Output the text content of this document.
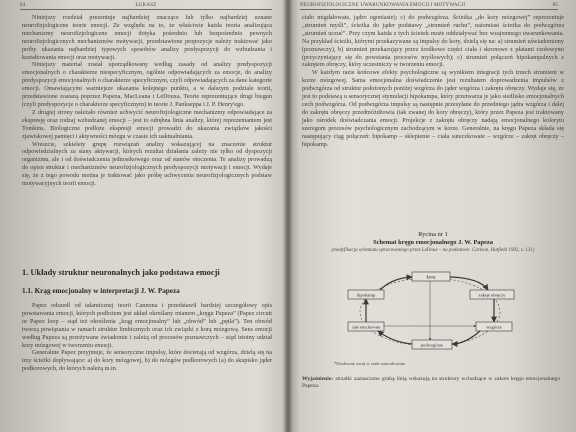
84	ŁUKASZ

Niniejszy rozdział prezentuje najbardziej znaczące lub tylko najbardziej uznane neurofizjologiczne teorie emocji. Ze względu na to, że właściwie każda teoria analizująca mechanizmy neurofizjologiczne emocji dotyka pośrednio lub bezpośrednio pewnych neurofizjologicznych mechanizmów motywacji, przedstawione propozycje należy traktować jako próby ukazania najbardziej typowych sposobów analizy predyspozycji do wzbudzania i kształtowania emocji oraz motywacji.

Niniejszy materiał został uporządkowany według zasady od analizy predyspozycji emocjonalnych o charakterze niespecyficznym, ogólnie odpowiadających za emocje, do analizy predyspozycji emocjonalnych o charakterze specyficznym, czyli odpowiadających za dane kategorie emocji. Omawiającymi ważniejsze ukazania kolejnego punktu, a w dalszym podziale teorii, przedstawione zostaną poprzez Papeza, MacLeana i LeDouxa. Teorie reprezentujące drugi biegun (czyli predyspozycje o charakterze specyficznym) to teorie J. Pankseppa i J. P. Henry'ego.

Z drugiej strony należało również uchwycić neurofizjologiczne mechanizmy odpowiadające za ekspresję oraz rodzaj wzbudzanej emocji – jest to odrębna linia analizy, której reprezentantem jest Tomkins. Biologiczne podłoże ekspresji emocji prowadzi do ukazania związków jakości zjawiskowej pamięci i aktywności mózgu w czasie ich uaktualniania.

Wreszcie, szkielety grupę rozwiązań analizy wskazującej na znaczenie struktur odpowiedzialnych za stany aktywacji, których rezultat działania zależy nie tylko od dyspozycji organizmu, ale i od doświadczenia jednostkowego oraz od stanów otoczenia. Te analizy prowadzą do opisu struktur i mechanizmów neurofizjologicznych predyspozycji motywacji i emocji. Wydaje się, że z tego powodu można je traktować jako próbę uchwycenia neurofizjologicznych podstaw motywacyjnych teorii emocji.

1. Układy struktur neuronalnych jako podstawa emocji
1.1. Krąg emocjonalny w interpretacji J. W. Papeza

Papez odszedł od talamicznej teorii Cannona i przedstawił bardziej szczegółowy opis powstawania emocji, których podłożem jest układ określany mianem „kręgu Papeza” (Papez circuit or Papez loop – stąd też określenia „krąg emocjonalny” lub „obwód” lub „pętla”). Ten obwód tworzą powiązania w ramach struktur limbicznych oraz ich związki z korą mózgową. Sens emocji według Papeza są przeżywane świadomie i zależą od procesów poznawczych – stąd istotny udział kory mózgowej w tworzeniu emocji.

Generalnie Papez przyjmuje, że sensoryczne impulsy, które docierają od wzgórza, dzielą się na trzy ścieżki dopływające: a) do kory mózgowej, b) do mózgów podkorowych (a) do skupisko jąder podkorowych, do których należą m.in.

NEUROFIZJOLOGICZNE UWARUNKOWANIA EMOCJI I MOTYWACJI	85

ciało migdałowate, jądro ogoniaste); c) do podwzgórza. Ścieżka „do kory mózgowej” reprezentuje „strumień myśli”, ścieżka do jąder podstawy „strumień ruchu”, natomiast ścieżka do podwzgórza „strumień uczuć”. Przy czym każda z tych ścieżek może oddziaływać bez wzajemnego uwarunkowania. Na przykład ścieżki, którymi przekazywane są impulsy do kory, dzielą się na: a) strumień uświadomiony (poznawczy), b) strumień przekazujący przez środkowe części ciała i skronowe z płatami czołowymi (przyczyniający się do powstania procesów myślowych); c) strumień połączeń hipokampalnych z zakrętem obręczy, który uczestniczy w tworzeniu emocji.

W każdym razie końcowe efekty psychologiczne są wynikiem integracji tych trzech strumieni w korze mózgowej. Sama emocjonalna doświadczenie jest rezultatem doprowadzenia impulsów z podwzgórza od struktur położonych poniżej wzgórza do jąder wzgórza i zakrętu obręczy. Wydaje się, że jest to podstawą u sensorycznej stymulacji hipokampa, który przetwarza je jako siedlisko emocjonalnych cech podwzgórza. Od podwzgórza impulsy są następnie przesyłane do przedniego jądra wzgórza i dalej do zakrętu obręczy przedmóżdżowia (tak zwanej do kory obręczy), który przez Papeza jest traktowany jako ośrodek doświadczania emocji. Projekcje z zakrętu obręczy nadają emocjonalnego kolorytu szeregom procesów psychologicznym zachodzącym w korze. Generalnie, na kręgu Papeza składa się następujący ciąg połączeń: hipokamp – sklepienie – ciała suteczkowate – wzgórze – zakręt obręczy – hipokamp.

Rycina nr 1
Schemat kręgu emocjonalnego J. W. Papeza
(modyfikacja schematu opracowanego przez LeDoux – na podstawie: Carlson, Hatfield 1992, s. 131)
kora
zakręt obręczy
wzgórze
podwzgórze
ciała suteczkowate
hipokamp
*Dosłowny zwój w ciała suteczkowate
Wyjaśnienie: strzałki zaznaczone grubą linią wskazują na struktury wchodzące w zakres kręgu emocjonalnego Papeza.
